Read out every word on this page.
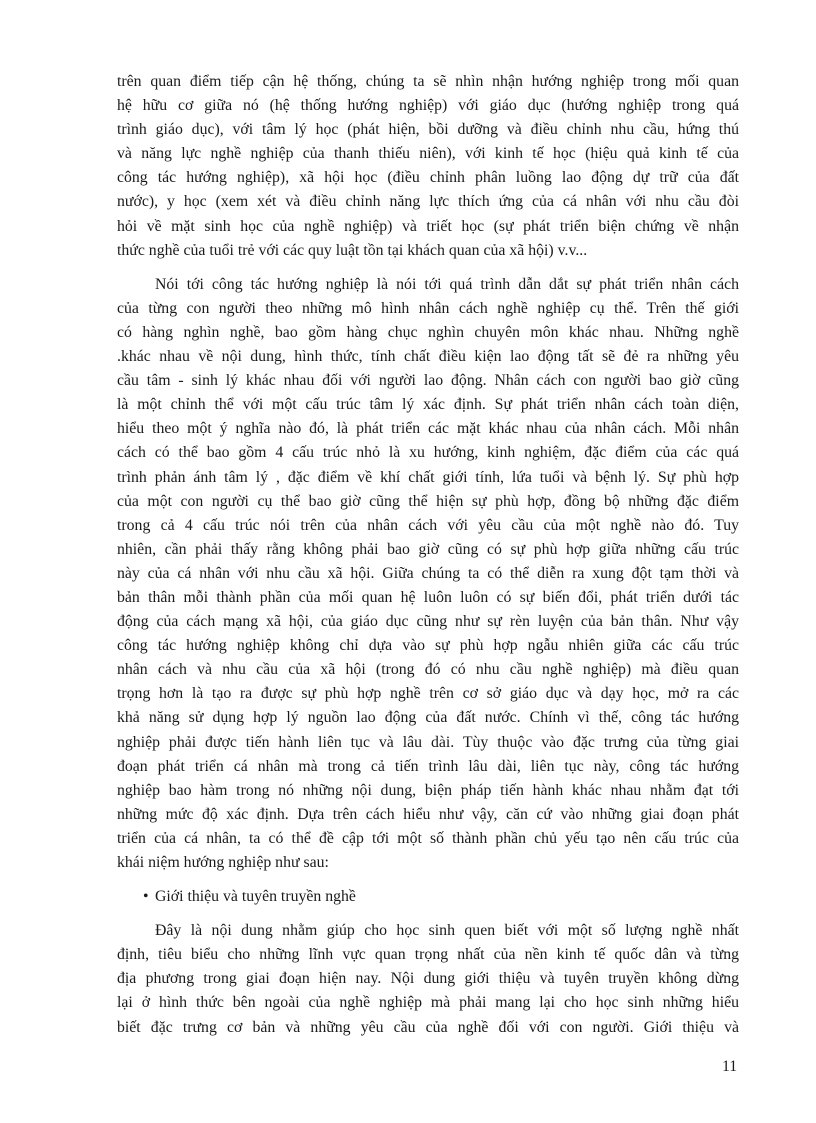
trên quan điểm tiếp cận hệ thống, chúng ta sẽ nhìn nhận hướng nghiệp trong mối quan
hệ hữu cơ giữa nó (hệ thống hướng nghiệp) với giáo dục (hướng nghiệp trong quá
trình giáo dục), với tâm lý học (phát hiện, bồi dưỡng và điều chỉnh nhu cầu, hứng thú
và năng lực nghề nghiệp của thanh thiếu niên), với kinh tế học (hiệu quả kinh tế của
công tác hướng nghiệp), xã hội học (điều chỉnh phân luồng lao động dự trữ của đất
nước), y học (xem xét và điều chỉnh năng lực thích ứng của cá nhân với nhu cầu đòi
hỏi về mặt sinh học của nghề nghiệp) và triết học (sự phát triển biện chứng về nhận
thức nghề của tuổi trẻ với các quy luật tồn tại khách quan của xã hội) v.v...
Nói tới công tác hướng nghiệp là nói tới quá trình dẫn dắt sự phát triển nhân cách
của từng con người theo những mô hình nhân cách nghề nghiệp cụ thể. Trên thế giới
có hàng nghìn nghề, bao gồm hàng chục nghìn chuyên môn khác nhau. Những nghề
.khác nhau về nội dung, hình thức, tính chất điều kiện lao động tất sẽ đẻ ra những yêu
cầu tâm - sinh lý khác nhau đối với người lao động. Nhân cách con người bao giờ cũng
là một chỉnh thể với một cấu trúc tâm lý xác định. Sự phát triển nhân cách toàn diện,
hiểu theo một ý nghĩa nào đó, là phát triển các mặt khác nhau của nhân cách. Mỗi nhân
cách có thể bao gồm 4 cấu trúc nhỏ là xu hướng, kinh nghiệm, đặc điểm của các quá
trình phản ánh tâm lý , đặc điểm về khí chất giới tính, lứa tuổi và bệnh lý. Sự phù hợp
của một con người cụ thể bao giờ cũng thể hiện sự phù hợp, đồng bộ những đặc điểm
trong cả 4 cấu trúc nói trên của nhân cách với yêu cầu của một nghề nào đó. Tuy
nhiên, cần phải thấy rằng không phải bao giờ cũng có sự phù hợp giữa những cấu trúc
này của cá nhân với nhu cầu xã hội. Giữa chúng ta có thể diễn ra xung đột tạm thời và
bản thân mỗi thành phần của mối quan hệ luôn luôn có sự biến đổi, phát triển dưới tác
động của cách mạng xã hội, của giáo dục cũng như sự rèn luyện của bản thân. Như vậy
công tác hướng nghiệp không chỉ dựa vào sự phù hợp ngẫu nhiên giữa các cấu trúc
nhân cách và nhu cầu của xã hội (trong đó có nhu cầu nghề nghiệp) mà điều quan
trọng hơn là tạo ra được sự phù hợp nghề trên cơ sở giáo dục và dạy học, mở ra các
khả năng sử dụng hợp lý nguồn lao động của đất nước. Chính vì thế, công tác hướng
nghiệp phải được tiến hành liên tục và lâu dài. Tùy thuộc vào đặc trưng của từng giai
đoạn phát triển cá nhân mà trong cả tiến trình lâu dài, liên tục này, công tác hướng
nghiệp bao hàm trong nó những nội dung, biện pháp tiến hành khác nhau nhằm đạt tới
những mức độ xác định. Dựa trên cách hiểu như vậy, căn cứ vào những giai đoạn phát
triển của cá nhân, ta có thể đề cập tới một số thành phần chủ yếu tạo nên cấu trúc của
khái niệm hướng nghiệp như sau:
• Giới thiệu và tuyên truyền nghề
Đây là nội dung nhằm giúp cho học sinh quen biết với một số lượng nghề nhất
định, tiêu biểu cho những lĩnh vực quan trọng nhất của nền kinh tế quốc dân và từng
địa phương trong giai đoạn hiện nay. Nội dung giới thiệu và tuyên truyền không dừng
lại ở hình thức bên ngoài của nghề nghiệp mà phải mang lại cho học sinh những hiểu
biết đặc trưng cơ bản và những yêu cầu của nghề đối với con người. Giới thiệu và
11
